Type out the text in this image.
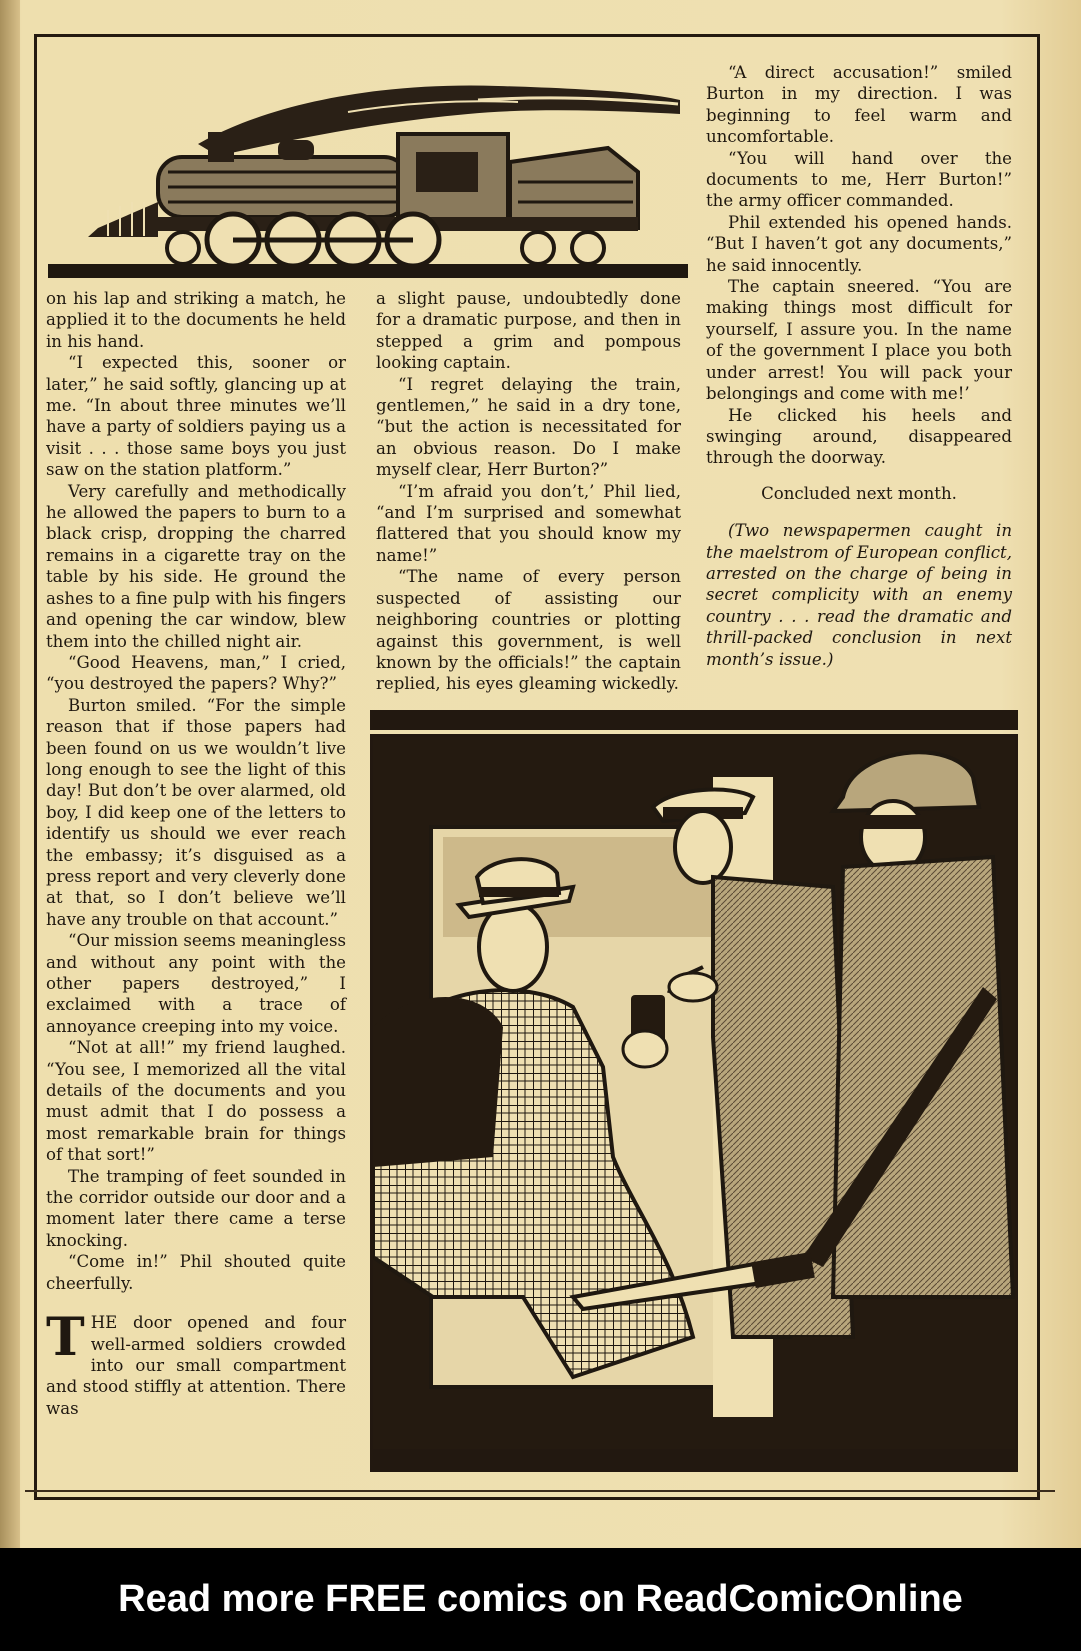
on his lap and striking a match, he applied it to the documents he held in his hand.

“I expected this, sooner or later,” he said softly, glancing up at me. “In about three minutes we’ll have a party of soldiers paying us a visit . . . those same boys you just saw on the station platform.”

Very carefully and methodically he allowed the papers to burn to a black crisp, dropping the charred remains in a cigarette tray on the table by his side. He ground the ashes to a fine pulp with his fingers and opening the car window, blew them into the chilled night air.

“Good Heavens, man,” I cried, “you destroyed the papers? Why?”

Burton smiled. “For the simple reason that if those papers had been found on us we wouldn’t live long enough to see the light of this day! But don’t be over alarmed, old boy, I did keep one of the letters to identify us should we ever reach the embassy; it’s disguised as a press report and very cleverly done at that, so I don’t believe we’ll have any trouble on that account.”

“Our mission seems meaningless and without any point with the other papers destroyed,” I exclaimed with a trace of annoyance creeping into my voice.

“Not at all!” my friend laughed. “You see, I memorized all the vital details of the documents and you must admit that I do possess a most remarkable brain for things of that sort!”

The tramping of feet sounded in the corridor outside our door and a moment later there came a terse knocking.

“Come in!” Phil shouted quite cheerfully.

THE door opened and four well-armed soldiers crowded into our small compartment and stood stiffly at attention. There was

a slight pause, undoubtedly done for a dramatic purpose, and then in stepped a grim and pompous looking captain.

“I regret delaying the train, gentlemen,” he said in a dry tone, “but the action is necessitated for an obvious reason. Do I make myself clear, Herr Burton?”

“I’m afraid you don’t,’ Phil lied, “and I’m surprised and somewhat flattered that you should know my name!”

“The name of every person suspected of assisting our neighboring countries or plotting against this government, is well known by the officials!” the captain replied, his eyes gleaming wickedly.

“A direct accusation!” smiled Burton in my direction. I was beginning to feel warm and uncomfortable.

“You will hand over the documents to me, Herr Burton!” the army officer commanded.

Phil extended his opened hands. “But I haven’t got any documents,” he said innocently.

The captain sneered. “You are making things most difficult for yourself, I assure you. In the name of the government I place you both under arrest! You will pack your belongings and come with me!’

He clicked his heels and swinging around, disappeared through the doorway.

Concluded next month.

(Two newspapermen caught in the maelstrom of European conflict, arrested on the charge of being in secret complicity with an enemy country . . . read the dramatic and thrill-packed conclusion in next month’s issue.)

Read more FREE comics on ReadComicOnline
